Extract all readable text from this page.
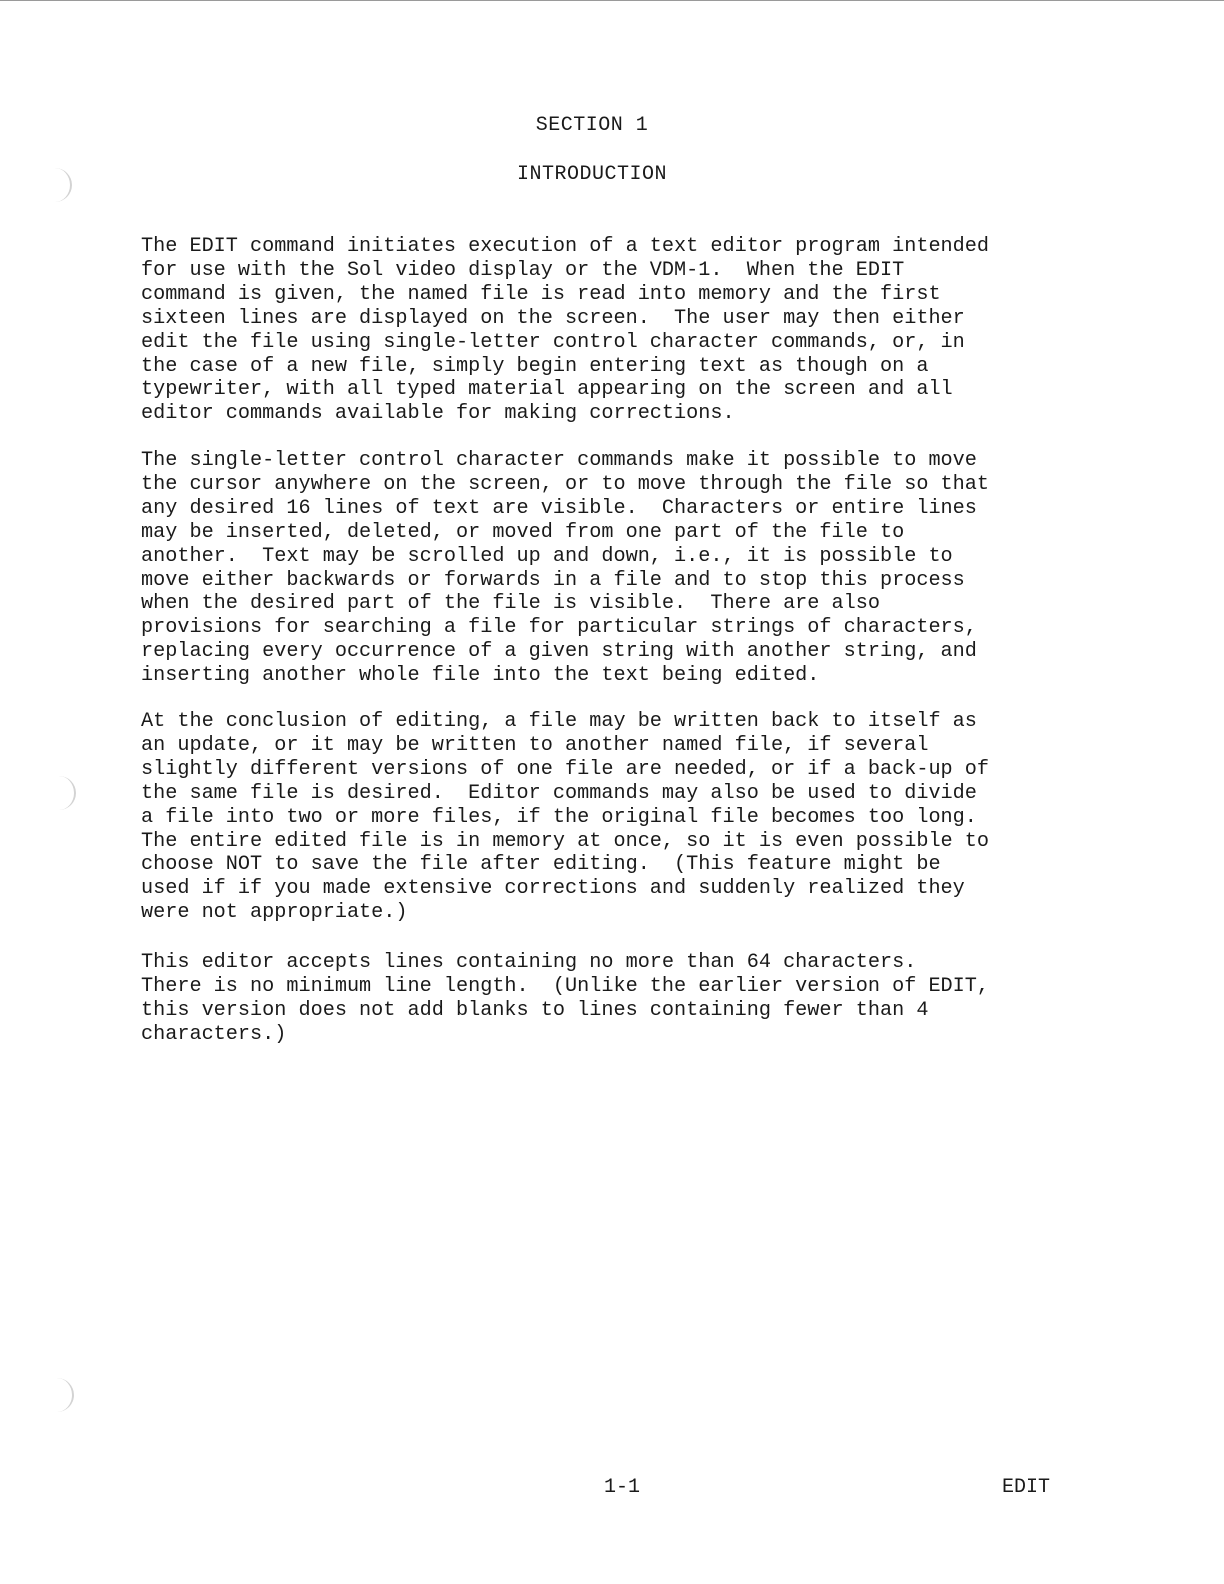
SECTION 1
INTRODUCTION

The EDIT command initiates execution of a text editor program intended
for use with the Sol video display or the VDM-1.  When the EDIT
command is given, the named file is read into memory and the first
sixteen lines are displayed on the screen.  The user may then either
edit the file using single-letter control character commands, or, in
the case of a new file, simply begin entering text as though on a
typewriter, with all typed material appearing on the screen and all
editor commands available for making corrections.

The single-letter control character commands make it possible to move
the cursor anywhere on the screen, or to move through the file so that
any desired 16 lines of text are visible.  Characters or entire lines
may be inserted, deleted, or moved from one part of the file to
another.  Text may be scrolled up and down, i.e., it is possible to
move either backwards or forwards in a file and to stop this process
when the desired part of the file is visible.  There are also
provisions for searching a file for particular strings of characters,
replacing every occurrence of a given string with another string, and
inserting another whole file into the text being edited.

At the conclusion of editing, a file may be written back to itself as
an update, or it may be written to another named file, if several
slightly different versions of one file are needed, or if a back-up of
the same file is desired.  Editor commands may also be used to divide
a file into two or more files, if the original file becomes too long.
The entire edited file is in memory at once, so it is even possible to
choose NOT to save the file after editing.  (This feature might be
used if if you made extensive corrections and suddenly realized they
were not appropriate.)

This editor accepts lines containing no more than 64 characters.
There is no minimum line length.  (Unlike the earlier version of EDIT,
this version does not add blanks to lines containing fewer than 4
characters.)

1-1	EDIT
